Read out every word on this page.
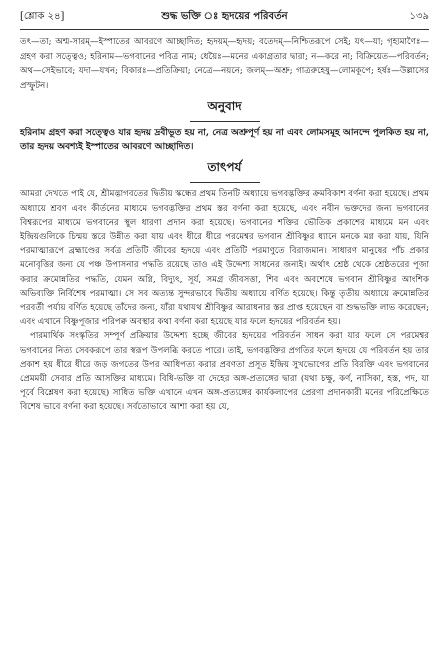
[শ্লোক ২৪]	শুদ্ধ ভক্তি ঃ হৃদয়ের পরিবর্তন	১৩৯
তৎ—তা; অশ্ম-সারম্—ইস্পাতের আবরণে আচ্ছাদিত; হৃদয়ম্—হৃদয়; বতেদম্—নিশ্চিতরূপে সেই; যৎ—যা; গৃহ্যমাণৈঃ—গ্রহণ করা সত্ত্বেও; হরিনাম—ভগবানের পবিত্র নাম; ধেয়ৈঃ—মনের একাগ্রতার দ্বারা; ন—করে না; বিক্রিয়েত—পরিবর্তন; অথ—সেইভাবে; যদা—যখন; বিকারঃ—প্রতিক্রিয়া; নেত্রে—নয়নে; জলম্—অশ্রু; গাত্ররুহেষু—লোমকূপে; হর্ষঃ—উল্লাসের প্রস্ফুটন।
অনুবাদ
হরিনাম গ্রহণ করা সত্ত্বেও যার হৃদয় দ্রবীভূত হয় না, নেত্র অশ্রুপূর্ণ হয় না এবং লোমসমূহ আনন্দে পুলকিত হয় না, তার হৃদয় অবশ্যই ইস্পাতের আবরণে আচ্ছাদিত।
তাৎপর্য

আমরা দেখতে পাই যে, শ্রীমদ্ভাগবতের দ্বিতীয় স্কন্ধের প্রথম তিনটি অধ্যায়ে ভগবদ্ভক্তির ক্রমবিকাশ বর্ণনা করা হয়েছে। প্রথম অধ্যায়ে শ্রবণ এবং কীর্তনের মাধ্যমে ভগবদ্ভক্তির প্রথম স্তর বর্ণনা করা হয়েছে, এবং নবীন ভক্তদের জন্য ভগবানের বিশ্বরূপের মাধ্যমে ভগবানের স্থূল ধারণা প্রদান করা হয়েছে। ভগবানের শক্তির ভৌতিক প্রকাশের মাধ্যমে মন এবং ইন্দ্রিয়গুলিকে চিন্ময় স্তরে উন্নীত করা যায় এবং ধীরে ধীরে পরমেশ্বর ভগবান শ্রীবিষ্ণুর ধ্যানে মনকে মগ্ন করা যায়, যিনি পরমাত্মারূপে ব্রহ্মাণ্ডের সর্বত্র প্রতিটি জীবের হৃদয়ে এবং প্রতিটি পরমাণুতে বিরাজমান। সাধারণ মানুষের পাঁচ প্রকার মনোবৃত্তির জন্য যে পঞ্চ উপাসনার পদ্ধতি রয়েছে তাও এই উদ্দেশ্য সাধনের জন্যই। অর্থাৎ শ্রেষ্ঠ থেকে শ্রেষ্ঠতরের পূজা করার ক্রমোন্নতির পদ্ধতি, যেমন অগ্নি, বিদ্যুৎ, সূর্য, সমগ্র জীবসত্তা, শিব এবং অবশেষে ভগবান শ্রীবিষ্ণুর আংশিক অভিব্যক্তি নির্বিশেষ পরমাত্মা। সে সব অত্যন্ত সুন্দরভাবে দ্বিতীয় অধ্যায়ে বর্ণিত হয়েছে। কিন্তু তৃতীয় অধ্যায়ে ক্রমোন্নতির পরবর্তী পর্যায় বর্ণিত হয়েছে তাঁদের জন্য, যাঁরা যথাযথ শ্রীবিষ্ণুর আরাধনার স্তর প্রাপ্ত হয়েছেন বা শুদ্ধভক্তি লাভ করেছেন; এবং এখানে বিষ্ণুপূজার পরিপক্ব অবস্থার কথা বর্ণনা করা হয়েছে যার ফলে হৃদয়ের পরিবর্তন হয়।

পারমার্থিক সংস্কৃতির সম্পূর্ণ প্রক্রিয়ার উদ্দেশ্য হচ্ছে জীবের হৃদয়ের পরিবর্তন সাধন করা যার ফলে সে পরমেশ্বর ভগবানের নিত্য সেবকরূপে তার স্বরূপ উপলব্ধি করতে পারে। তাই, ভগবদ্ভক্তির প্রগতির ফলে হৃদয়ে যে পরিবর্তন হয় তার প্রকাশ হয় ধীরে ধীরে জড় জগতের উপর আধিপত্য করার প্রবণতা প্রসূত ইন্দ্রিয় সুখভোগের প্রতি বিরক্তি এবং ভগবানের প্রেমময়ী সেবার প্রতি আসক্তির মাধ্যমে। বিধি-ভক্তি বা দেহের অঙ্গ-প্রত্যঙ্গের দ্বারা (যথা চক্ষু, কর্ণ, নাসিকা, হস্ত, পদ, যা পূর্বে বিশ্লেষণ করা হয়েছে) সাধিত ভক্তি এখানে এখন অঙ্গ-প্রত্যঙ্গের কার্যকলাপের প্রেরণা প্রদানকারী মনের পরিপ্রেক্ষিতে বিশেষ ভাবে বর্ণনা করা হয়েছে। সর্বতোভাবে আশা করা হয় যে,
